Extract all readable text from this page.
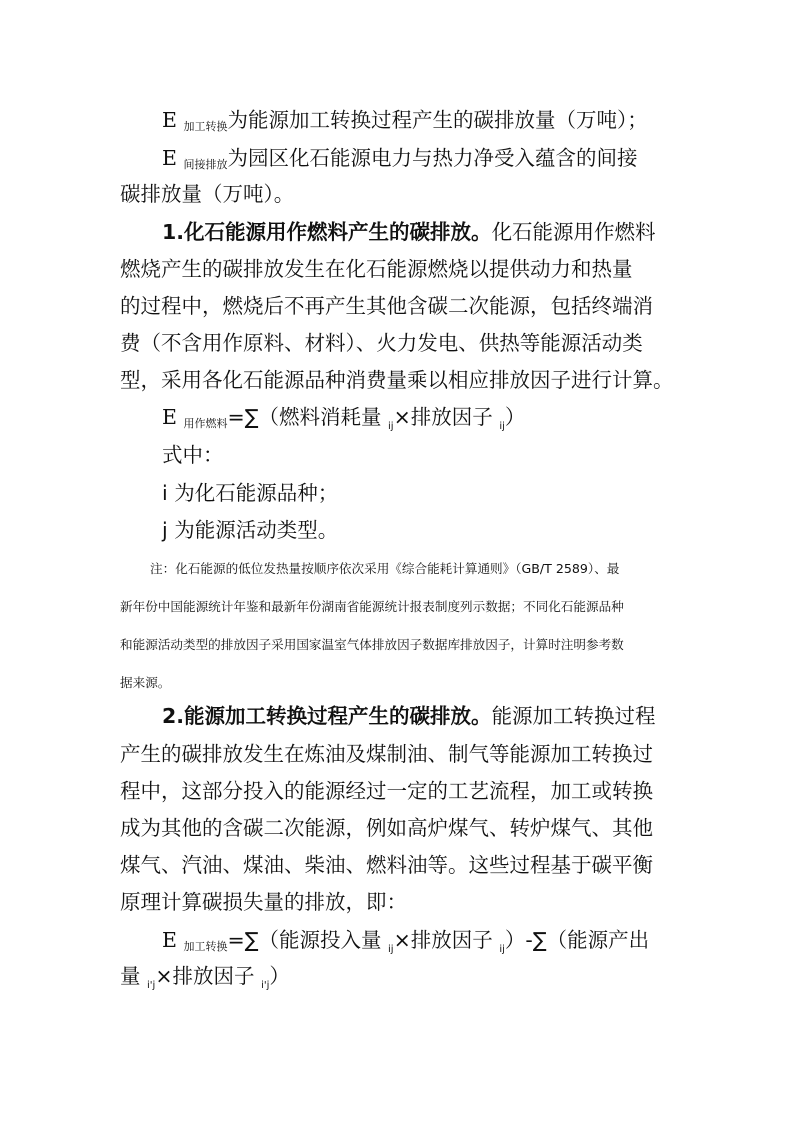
E 加工转换为能源加工转换过程产生的碳排放量（万吨）；
E 间接排放为园区化石能源电力与热力净受入蕴含的间接
碳排放量（万吨）。
1.化石能源用作燃料产生的碳排放。化石能源用作燃料
燃烧产生的碳排放发生在化石能源燃烧以提供动力和热量
的过程中，燃烧后不再产生其他含碳二次能源，包括终端消
费（不含用作原料、材料）、火力发电、供热等能源活动类
型，采用各化石能源品种消费量乘以相应排放因子进行计算。
E 用作燃料=∑（燃料消耗量 $_{ij}$×排放因子 $_{ij}$）
式中：
i 为化石能源品种；
j 为能源活动类型。
注：化石能源的低位发热量按顺序依次采用《综合能耗计算通则》（GB/T 2589）、最
新年份中国能源统计年鉴和最新年份湖南省能源统计报表制度列示数据；不同化石能源品种
和能源活动类型的排放因子采用国家温室气体排放因子数据库排放因子，计算时注明参考数
据来源。
2.能源加工转换过程产生的碳排放。能源加工转换过程
产生的碳排放发生在炼油及煤制油、制气等能源加工转换过
程中，这部分投入的能源经过一定的工艺流程，加工或转换
成为其他的含碳二次能源，例如高炉煤气、转炉煤气、其他
煤气、汽油、煤油、柴油、燃料油等。这些过程基于碳平衡
原理计算碳损失量的排放，即：
E 加工转换=∑（能源投入量 $_{ij}$×排放因子 $_{ij}$）-∑（能源产出
量 $_{i'j}$×排放因子 $_{i'j}$）
